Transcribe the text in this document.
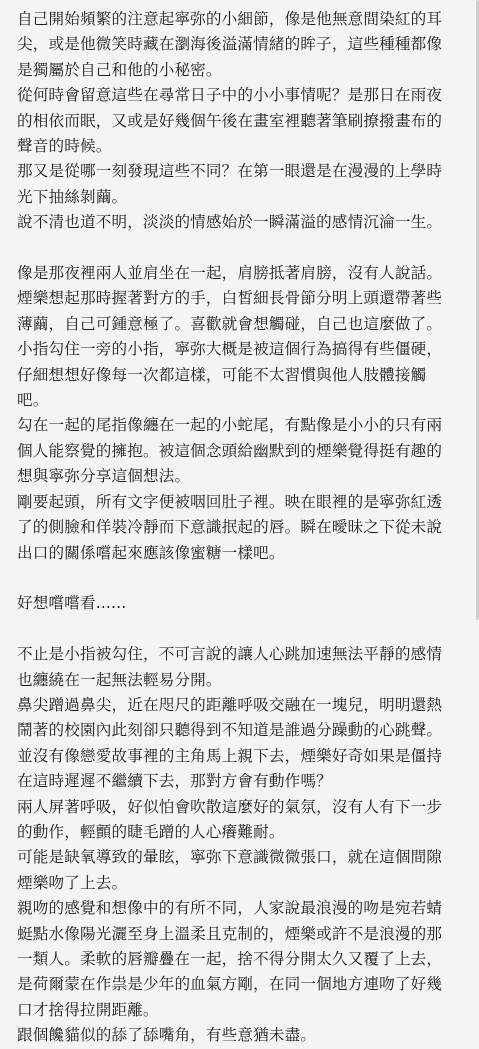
自己開始頻繁的注意起寧弥的小細節，像是他無意間染紅的耳

尖，或是他微笑時藏在瀏海後溢滿情緒的眸子，這些種種都像

是獨屬於自己和他的小秘密。

從何時會留意這些在尋常日子中的小小事情呢？是那日在雨夜

的相依而眠，又或是好幾個午後在畫室裡聽著筆刷撩撥畫布的

聲音的時候。

那又是從哪一刻發現這些不同？在第一眼還是在漫漫的上學時

光下抽絲剝繭。

說不清也道不明，淡淡的情感始於一瞬滿溢的感情沉淪一生。

像是那夜裡兩人並肩坐在一起，肩膀抵著肩膀，沒有人說話。

煙樂想起那時握著對方的手，白皙細長骨節分明上頭還帶著些

薄繭，自己可鍾意極了。喜歡就會想觸碰，自己也這麼做了。

小指勾住一旁的小指，寧弥大概是被這個行為搞得有些僵硬，

仔細想想好像每一次都這樣，可能不太習慣與他人肢體接觸

吧。

勾在一起的尾指像纏在一起的小蛇尾，有點像是小小的只有兩

個人能察覺的擁抱。被這個念頭給幽默到的煙樂覺得挺有趣的

想與寧弥分享這個想法。

剛要起頭，所有文字便被咽回肚子裡。映在眼裡的是寧弥紅透

了的側臉和佯裝冷靜而下意識抿起的唇。瞬在曖昧之下從未說

出口的關係嚐起來應該像蜜糖一樣吧。

好想嚐嚐看......

不止是小指被勾住，不可言說的讓人心跳加速無法平靜的感情

也纏繞在一起無法輕易分開。

鼻尖蹭過鼻尖，近在咫尺的距離呼吸交融在一塊兒，明明還熱

鬧著的校園內此刻卻只聽得到不知道是誰過分躁動的心跳聲。

並沒有像戀愛故事裡的主角馬上親下去，煙樂好奇如果是僵持

在這時遲遲不繼續下去，那對方會有動作嗎？

兩人屏著呼吸，好似怕會吹散這麼好的氣氛，沒有人有下一步

的動作，輕顫的睫毛蹭的人心癢難耐。

可能是缺氧導致的暈眩，寧弥下意識微微張口，就在這個間隙

煙樂吻了上去。

親吻的感覺和想像中的有所不同，人家說最浪漫的吻是宛若蜻

蜓點水像陽光灑至身上溫柔且克制的，煙樂或許不是浪漫的那

一類人。柔軟的唇瓣疊在一起，捨不得分開太久又覆了上去，

是荷爾蒙在作祟是少年的血氣方剛，在同一個地方連吻了好幾

口才捨得拉開距離。

跟個饞貓似的舔了舔嘴角，有些意猶未盡。
